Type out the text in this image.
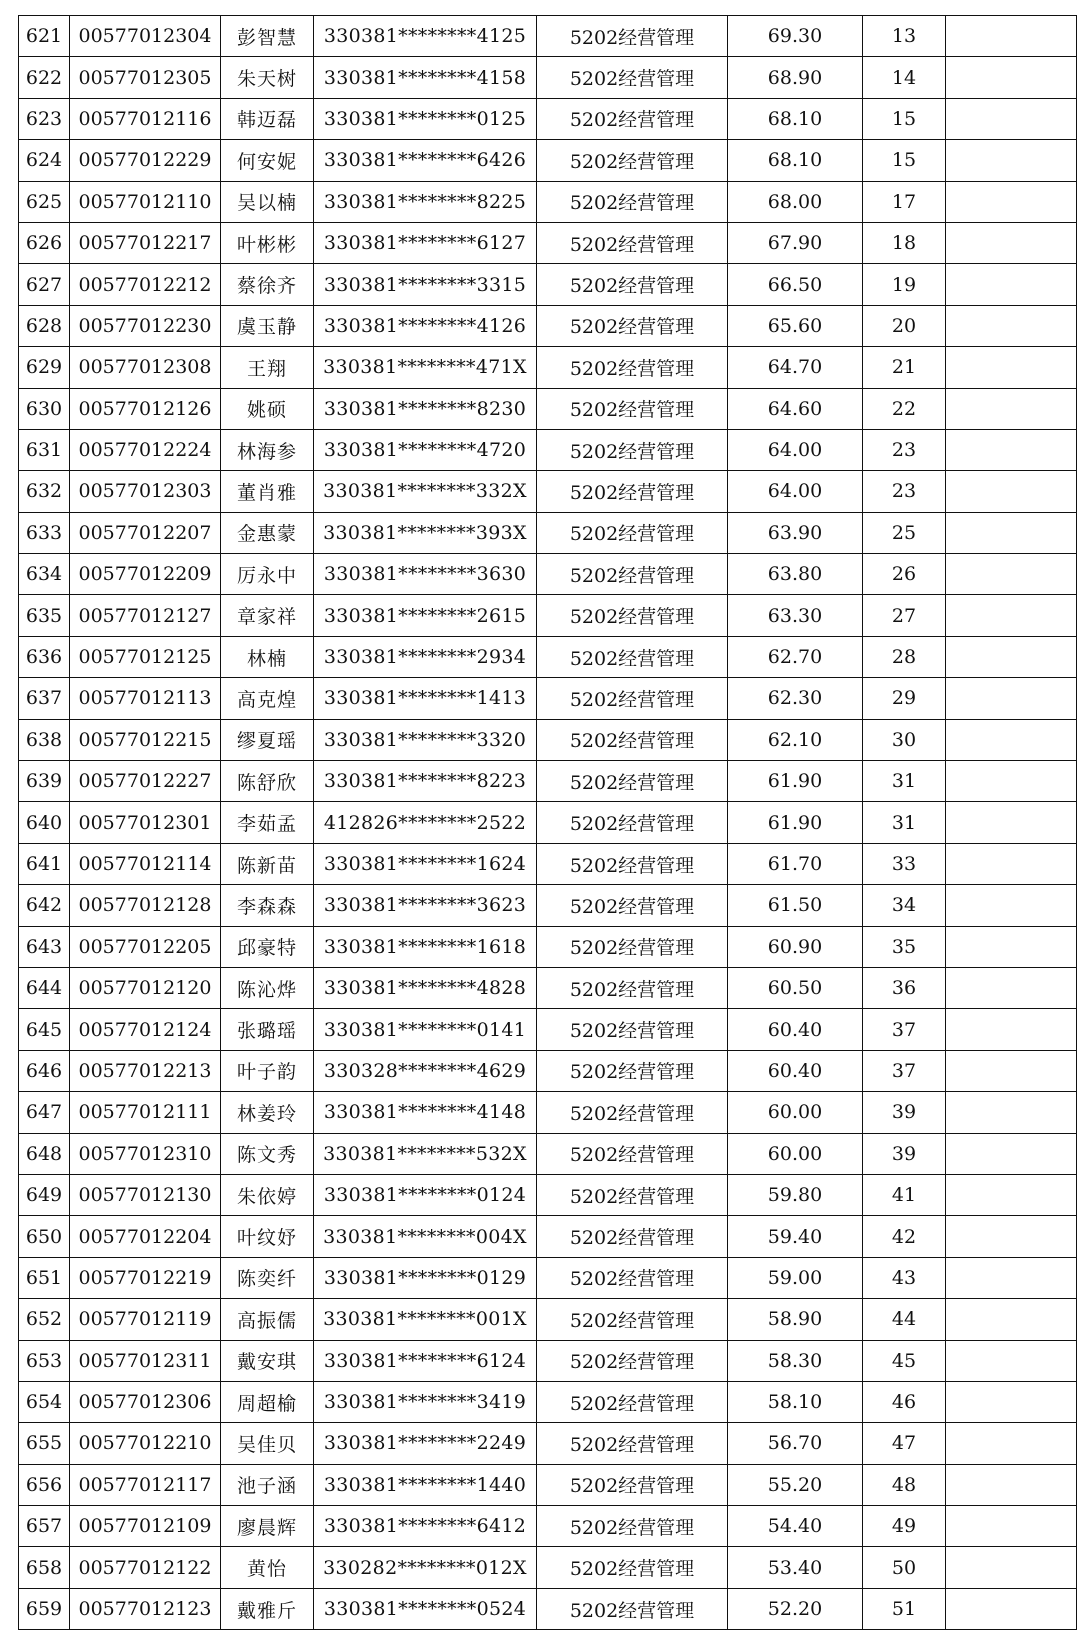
621	00577012304	彭智慧	330381********4125	5202经营管理	69.30	13	
622	00577012305	朱天树	330381********4158	5202经营管理	68.90	14	
623	00577012116	韩迈磊	330381********0125	5202经营管理	68.10	15	
624	00577012229	何安妮	330381********6426	5202经营管理	68.10	15	
625	00577012110	吴以楠	330381********8225	5202经营管理	68.00	17	
626	00577012217	叶彬彬	330381********6127	5202经营管理	67.90	18	
627	00577012212	蔡徐齐	330381********3315	5202经营管理	66.50	19	
628	00577012230	虞玉静	330381********4126	5202经营管理	65.60	20	
629	00577012308	王翔	330381********471X	5202经营管理	64.70	21	
630	00577012126	姚硕	330381********8230	5202经营管理	64.60	22	
631	00577012224	林海参	330381********4720	5202经营管理	64.00	23	
632	00577012303	董肖雅	330381********332X	5202经营管理	64.00	23	
633	00577012207	金惠蒙	330381********393X	5202经营管理	63.90	25	
634	00577012209	厉永中	330381********3630	5202经营管理	63.80	26	
635	00577012127	章家祥	330381********2615	5202经营管理	63.30	27	
636	00577012125	林楠	330381********2934	5202经营管理	62.70	28	
637	00577012113	高克煌	330381********1413	5202经营管理	62.30	29	
638	00577012215	缪夏瑶	330381********3320	5202经营管理	62.10	30	
639	00577012227	陈舒欣	330381********8223	5202经营管理	61.90	31	
640	00577012301	李茹孟	412826********2522	5202经营管理	61.90	31	
641	00577012114	陈新苗	330381********1624	5202经营管理	61.70	33	
642	00577012128	李森森	330381********3623	5202经营管理	61.50	34	
643	00577012205	邱豪特	330381********1618	5202经营管理	60.90	35	
644	00577012120	陈沁烨	330381********4828	5202经营管理	60.50	36	
645	00577012124	张璐瑶	330381********0141	5202经营管理	60.40	37	
646	00577012213	叶子韵	330328********4629	5202经营管理	60.40	37	
647	00577012111	林姜玲	330381********4148	5202经营管理	60.00	39	
648	00577012310	陈文秀	330381********532X	5202经营管理	60.00	39	
649	00577012130	朱依婷	330381********0124	5202经营管理	59.80	41	
650	00577012204	叶纹妤	330381********004X	5202经营管理	59.40	42	
651	00577012219	陈奕纤	330381********0129	5202经营管理	59.00	43	
652	00577012119	高振儒	330381********001X	5202经营管理	58.90	44	
653	00577012311	戴安琪	330381********6124	5202经营管理	58.30	45	
654	00577012306	周超榆	330381********3419	5202经营管理	58.10	46	
655	00577012210	吴佳贝	330381********2249	5202经营管理	56.70	47	
656	00577012117	池子涵	330381********1440	5202经营管理	55.20	48	
657	00577012109	廖晨辉	330381********6412	5202经营管理	54.40	49	
658	00577012122	黄怡	330282********012X	5202经营管理	53.40	50	
659	00577012123	戴雅斤	330381********0524	5202经营管理	52.20	51	
